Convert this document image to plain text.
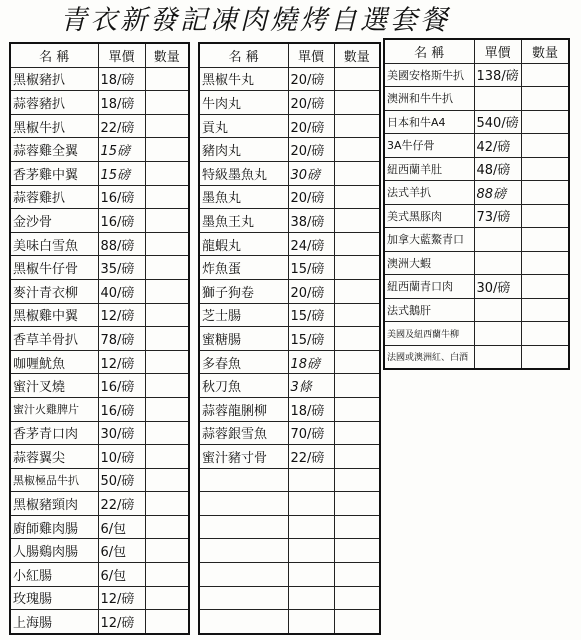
青衣新發記凍肉燒烤自選套餐
名 稱	單價	數量
黑椒豬扒	18/磅	
蒜蓉豬扒	18/磅	
黑椒牛扒	22/磅	
蒜蓉雞全翼	15磅	
香茅雞中翼	15磅	
蒜蓉雞扒	16/磅	
金沙骨	16/磅	
美味白雪魚	88/磅	
黑椒牛仔骨	35/磅	
麥汁青衣柳	40/磅	
黑椒雞中翼	12/磅	
香草羊骨扒	78/磅	
咖喱魷魚	12/磅	
蜜汁叉燒	16/磅	
蜜汁火雞脾片	16/磅	
香茅青口肉	30/磅	
蒜蓉翼尖	10/磅	
黑椒極品牛扒	50/磅	
黑椒豬頸肉	22/磅	
廚師雞肉腸	6/包	
人腸鷄肉腸	6/包	
小紅腸	6/包	
玫瑰腸	12/磅	
上海腸	12/磅	
名 稱	單價	數量
黑椒牛丸	20/磅	
牛肉丸	20/磅	
貢丸	20/磅	
豬肉丸	20/磅	
特級墨魚丸	30磅	
墨魚丸	20/磅	
墨魚王丸	38/磅	
龍蝦丸	24/磅	
炸魚蛋	15/磅	
獅子狗卷	20/磅	
芝士腸	15/磅	
蜜糖腸	15/磅	
多春魚	18磅	
秋刀魚	3條	
蒜蓉龍脷柳	18/磅	
蒜蓉銀雪魚	70/磅	
蜜汁豬寸骨	22/磅	

名 稱	單價	數量
美國安格斯牛扒	138/磅	
澳洲和牛牛扒		
日本和牛A4	540/磅	
3A牛仔骨	42/磅	
紐西蘭羊肚	48/磅	
法式羊扒	88磅	
美式黑豚肉	73/磅	
加拿大藍鰲青口		
澳洲大蝦		
紐西蘭青口肉	30/磅	
法式鵝肝		
美國及紐西蘭牛柳		
法國或澳洲紅、白酒		
